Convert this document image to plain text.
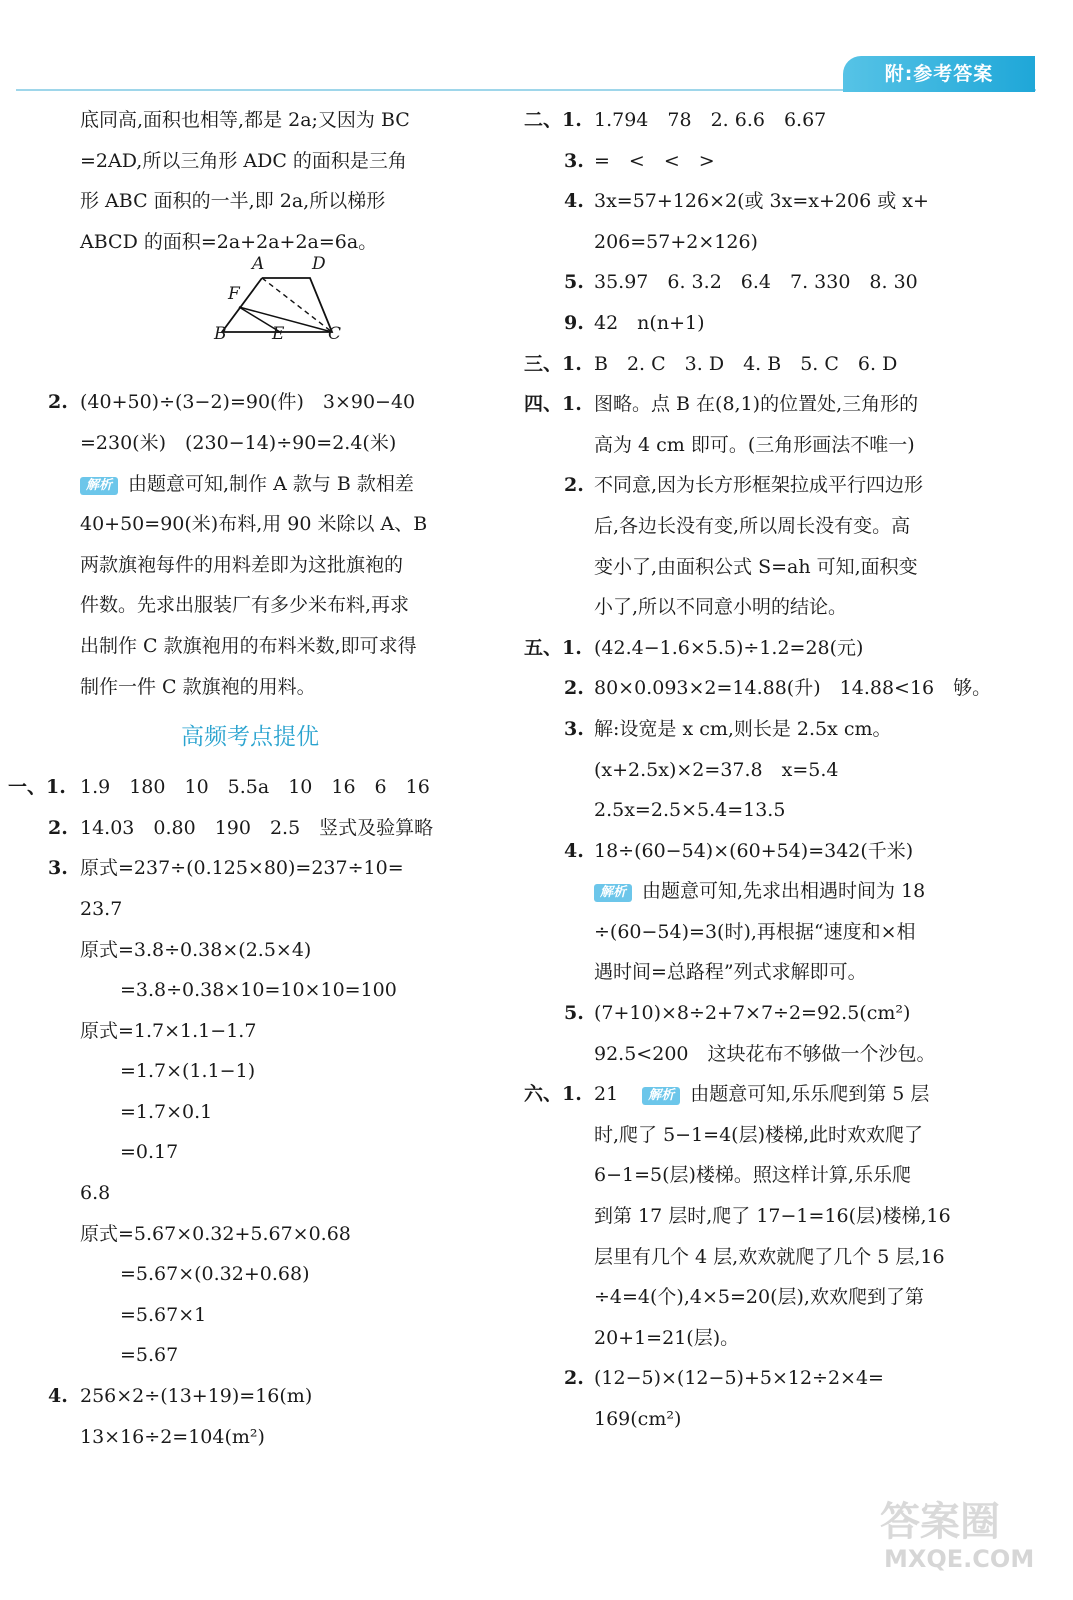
附:参考答案
底同高,面积也相等,都是 2a;又因为 BC
=2AD,所以三角形 ADC 的面积是三角
形 ABC 面积的一半,即 2a,所以梯形
ABCD 的面积=2a+2a+2a=6a。
A	D
F
B	E	C
2. (40+50)÷(3−2)=90(件)　3×90−40
=230(米)　(230−14)÷90=2.4(米)
解析 由题意可知,制作 A 款与 B 款相差
40+50=90(米)布料,用 90 米除以 A、B
两款旗袍每件的用料差即为这批旗袍的
件数。先求出服装厂有多少米布料,再求
出制作 C 款旗袍用的布料米数,即可求得
制作一件 C 款旗袍的用料。
高频考点提优
一、1. 1.9　180　10　5.5a　10　16　6　16
2. 14.03　0.80　190　2.5　竖式及验算略
3. 原式=237÷(0.125×80)=237÷10=
23.7
原式=3.8÷0.38×(2.5×4)
=3.8÷0.38×10=10×10=100
原式=1.7×1.1−1.7
=1.7×(1.1−1)
=1.7×0.1
=0.17
6.8
原式=5.67×0.32+5.67×0.68
=5.67×(0.32+0.68)
=5.67×1
=5.67
4. 256×2÷(13+19)=16(m)
13×16÷2=104(m²)
二、1. 1.794　78　2. 6.6　6.67
3. =　<　<　>
4. 3x=57+126×2(或 3x=x+206 或 x+
206=57+2×126)
5. 35.97　6. 3.2　6.4　7. 330　8. 30
9. 42　n(n+1)
三、1. B　2. C　3. D　4. B　5. C　6. D
四、1. 图略。点 B 在(8,1)的位置处,三角形的
高为 4 cm 即可。(三角形画法不唯一)
2. 不同意,因为长方形框架拉成平行四边形
后,各边长没有变,所以周长没有变。高
变小了,由面积公式 S=ah 可知,面积变
小了,所以不同意小明的结论。
五、1. (42.4−1.6×5.5)÷1.2=28(元)
2. 80×0.093×2=14.88(升)　14.88<16　够。
3. 解:设宽是 x cm,则长是 2.5x cm。
(x+2.5x)×2=37.8　x=5.4
2.5x=2.5×5.4=13.5
4. 18÷(60−54)×(60+54)=342(千米)
解析 由题意可知,先求出相遇时间为 18
÷(60−54)=3(时),再根据“速度和×相
遇时间=总路程”列式求解即可。
5. (7+10)×8÷2+7×7÷2=92.5(cm²)
92.5<200　这块花布不够做一个沙包。
六、1. 21 解析 由题意可知,乐乐爬到第 5 层
时,爬了 5−1=4(层)楼梯,此时欢欢爬了
6−1=5(层)楼梯。照这样计算,乐乐爬
到第 17 层时,爬了 17−1=16(层)楼梯,16
层里有几个 4 层,欢欢就爬了几个 5 层,16
÷4=4(个),4×5=20(层),欢欢爬到了第
20+1=21(层)。
2. (12−5)×(12−5)+5×12÷2×4=
169(cm²)
答案圈
MXQE.COM
